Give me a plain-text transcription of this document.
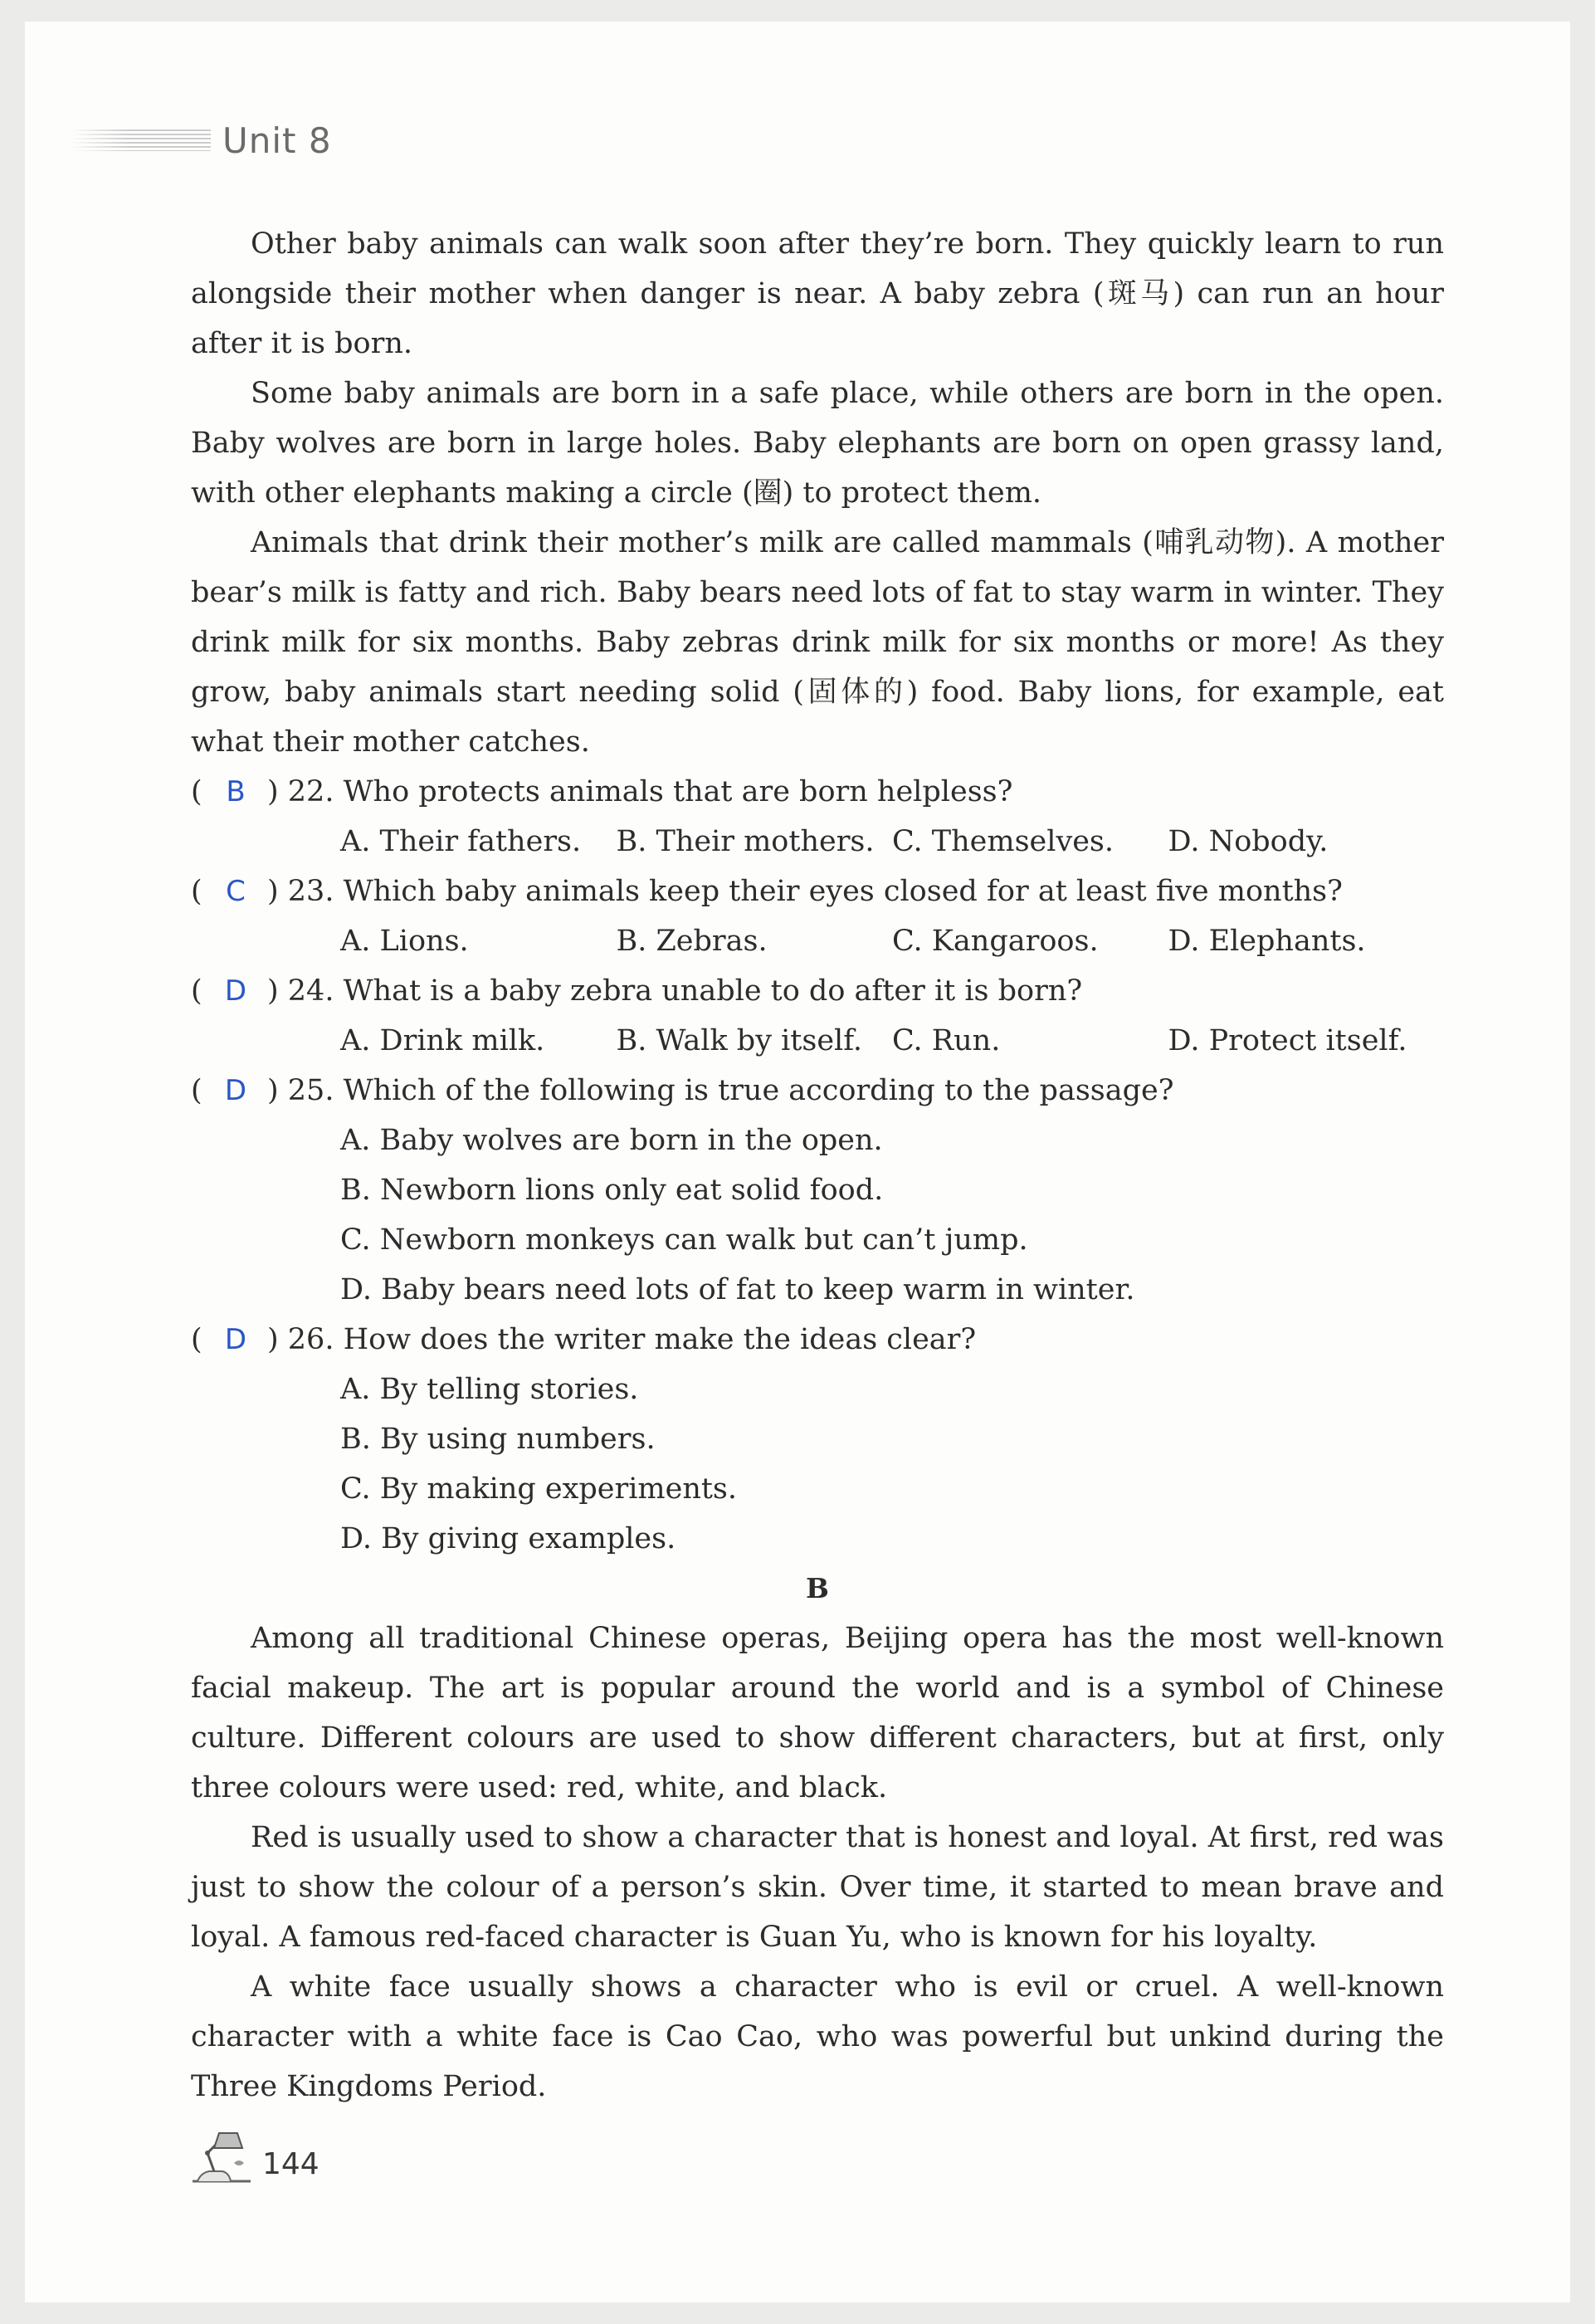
Unit 8

Other baby animals can walk soon after they’re born. They quickly learn to run alongside their mother when danger is near. A baby zebra (斑马) can run an hour after it is born.

Some baby animals are born in a safe place, while others are born in the open. Baby wolves are born in large holes. Baby elephants are born on open grassy land, with other elephants making a circle (圈) to protect them.

Animals that drink their mother’s milk are called mammals (哺乳动物). A mother bear’s milk is fatty and rich. Baby bears need lots of fat to stay warm in winter. They drink milk for six months. Baby zebras drink milk for six months or more! As they grow, baby animals start needing solid (固体的) food. Baby lions, for example, eat what their mother catches.

( B ) 22. Who protects animals that are born helpless?
A. Their fathers.	B. Their mothers. C. Themselves.	D. Nobody.
( C ) 23. Which baby animals keep their eyes closed for at least five months?
A. Lions.	B. Zebras.	C. Kangaroos.	D. Elephants.
( D ) 24. What is a baby zebra unable to do after it is born?
A. Drink milk.	B. Walk by itself.	C. Run.	D. Protect itself.
( D ) 25. Which of the following is true according to the passage?
A. Baby wolves are born in the open.
B. Newborn lions only eat solid food.
C. Newborn monkeys can walk but can’t jump.
D. Baby bears need lots of fat to keep warm in winter.
( D ) 26. How does the writer make the ideas clear?
A. By telling stories.
B. By using numbers.
C. By making experiments.
D. By giving examples.
B

Among all traditional Chinese operas, Beijing opera has the most well-known facial makeup. The art is popular around the world and is a symbol of Chinese culture. Different colours are used to show different characters, but at first, only three colours were used: red, white, and black.

Red is usually used to show a character that is honest and loyal. At first, red was just to show the colour of a person’s skin. Over time, it started to mean brave and loyal. A famous red-faced character is Guan Yu, who is known for his loyalty.

A white face usually shows a character who is evil or cruel. A well-known character with a white face is Cao Cao, who was powerful but unkind during the Three Kingdoms Period.

144
